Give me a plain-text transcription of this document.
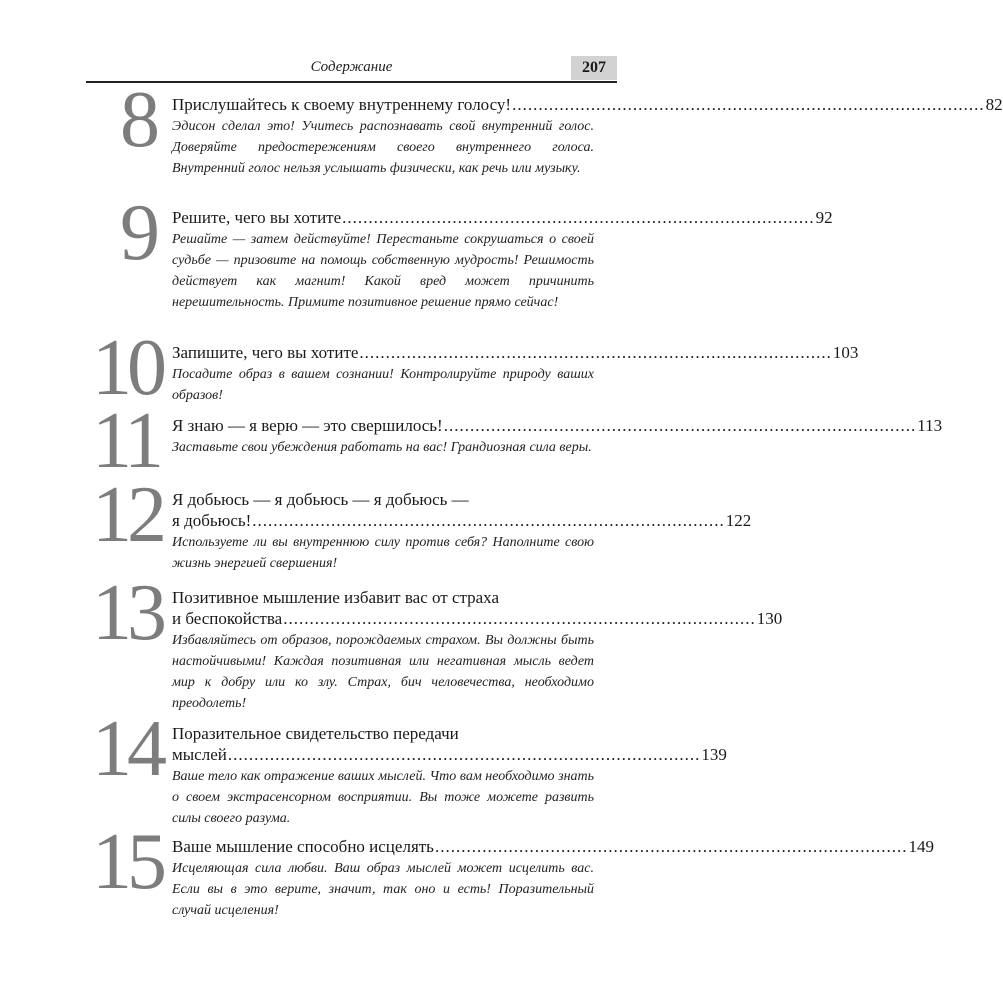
Содержание	207
8 Прислушайтесь к своему внутреннему голосу! .......................................................................................... 82
Эдисон сделал это! Учитесь распознавать свой внутренний голос. Доверяйте предостережениям своего внутреннего голоса. Внутренний голос нельзя услышать физически, как речь или музыку.
9 Решите, чего вы хотите .......................................................................................... 92
Решайте — затем действуйте! Перестаньте сокрушаться о своей судьбе — призовите на помощь собственную мудрость! Решимость действует как магнит! Какой вред может причинить нерешительность. Примите позитивное решение прямо сейчас!
10 Запишите, чего вы хотите .......................................................................................... 103
Посадите образ в вашем сознании! Контролируйте природу ваших образов!
11 Я знаю — я верю — это свершилось! .......................................................................................... 113
Заставьте свои убеждения работать на вас! Грандиозная сила веры.
12 Я добьюсь — я добьюсь — я добьюсь —
я добьюсь! .......................................................................................... 122
Используете ли вы внутреннюю силу против себя? Наполните свою жизнь энергией свершения!
13 Позитивное мышление избавит вас от страха
и беспокойства .......................................................................................... 130
Избавляйтесь от образов, порождаемых страхом. Вы должны быть настойчивыми! Каждая позитивная или негативная мысль ведет мир к добру или ко злу. Страх, бич человечества, необходимо преодолеть!
14 Поразительное свидетельство передачи
мыслей .......................................................................................... 139
Ваше тело как отражение ваших мыслей. Что вам необходимо знать о своем экстрасенсорном восприятии. Вы тоже можете развить силы своего разума.
15 Ваше мышление способно исцелять .......................................................................................... 149
Исцеляющая сила любви. Ваш образ мыслей может исцелить вас. Если вы в это верите, значит, так оно и есть! Поразительный случай исцеления!
